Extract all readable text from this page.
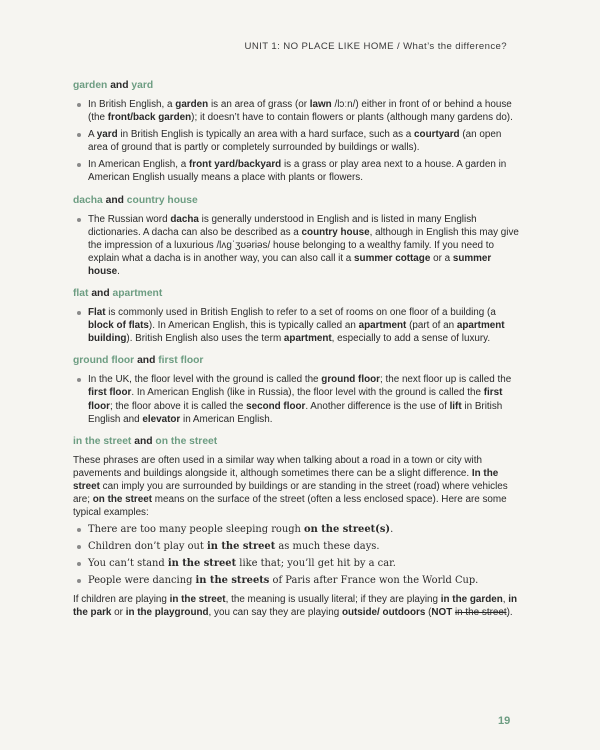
UNIT 1: NO PLACE LIKE HOME / What’s the difference?

garden and yard

In British English, a garden is an area of grass (or lawn /lɔːn/) either in front of or behind a house (the front/back garden); it doesn’t have to contain flowers or plants (although many gardens do).
A yard in British English is typically an area with a hard surface, such as a courtyard (an open area of ground that is partly or completely surrounded by buildings or walls).
In American English, a front yard/backyard is a grass or play area next to a house. A garden in American English usually means a place with plants or flowers.

dacha and country house

The Russian word dacha is generally understood in English and is listed in many English dictionaries. A dacha can also be described as a country house, although in English this may give the impression of a luxurious /lʌɡˈʒʊəriəs/ house belonging to a wealthy family. If you need to explain what a dacha is in another way, you can also call it a summer cottage or a summer house.

flat and apartment

Flat is commonly used in British English to refer to a set of rooms on one floor of a building (a block of flats). In American English, this is typically called an apartment (part of an apartment building). British English also uses the term apartment, especially to add a sense of luxury.

ground floor and first floor

In the UK, the floor level with the ground is called the ground floor; the next floor up is called the first floor. In American English (like in Russia), the floor level with the ground is called the first floor; the floor above it is called the second floor. Another difference is the use of lift in British English and elevator in American English.

in the street and on the street

These phrases are often used in a similar way when talking about a road in a town or city with pavements and buildings alongside it, although sometimes there can be a slight difference. In the street can imply you are surrounded by buildings or are standing in the street (road) where vehicles are; on the street means on the surface of the street (often a less enclosed space). Here are some typical examples:

There are too many people sleeping rough on the street(s).
Children don’t play out in the street as much these days.
You can’t stand in the street like that; you’ll get hit by a car.
People were dancing in the streets of Paris after France won the World Cup.

If children are playing in the street, the meaning is usually literal; if they are playing in the garden, in the park or in the playground, you can say they are playing outside/ outdoors (NOT in the street).

19
